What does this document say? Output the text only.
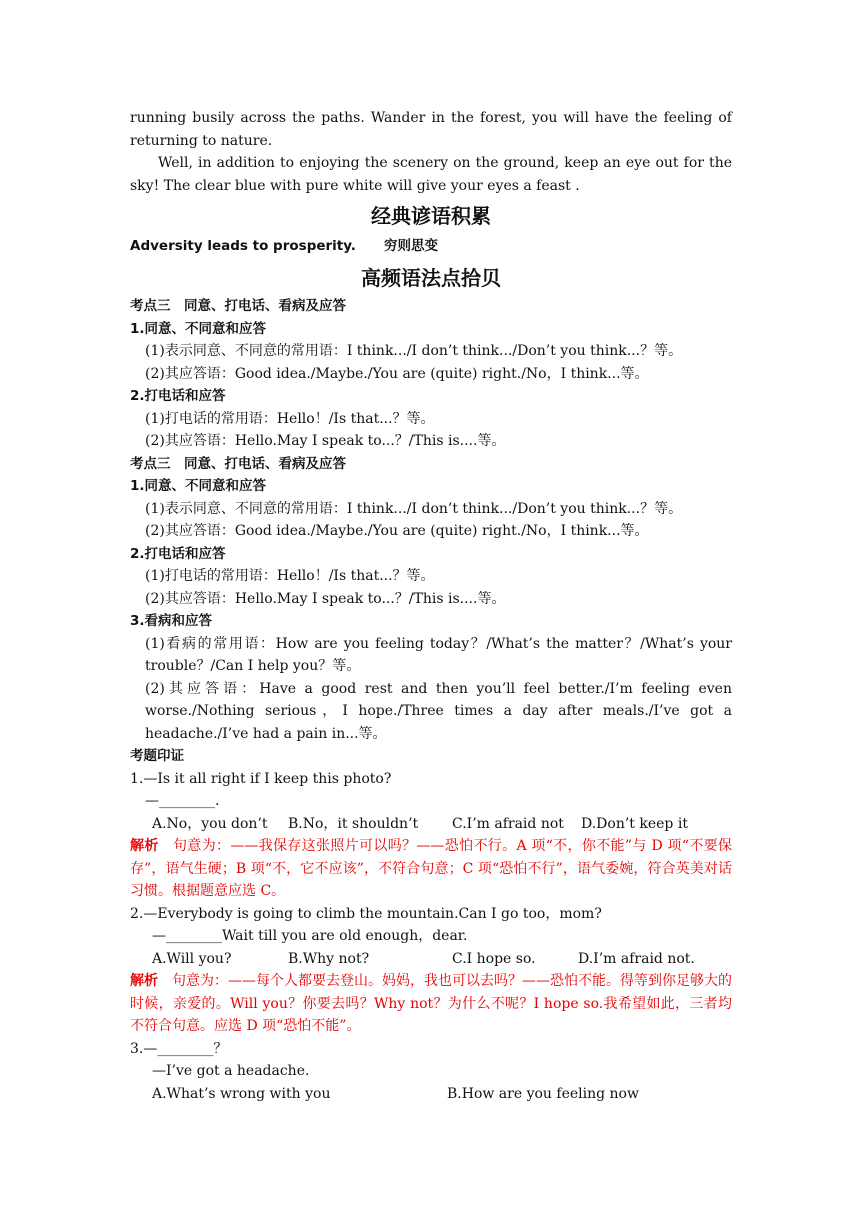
running busily across the paths. Wander in the forest, you will have the feeling of returning to nature.

Well, in addition to enjoying the scenery on the ground, keep an eye out for the sky! The clear blue with pure white will give your eyes a feast .

经典谚语积累
Adversity leads to prosperity.	穷则思变
高频语法点拾贝

考点三　同意、打电话、看病及应答

1.同意、不同意和应答

(1)表示同意、不同意的常用语：I think.../I don’t think.../Don’t you think...？等。

(2)其应答语：Good idea./Maybe./You are (quite) right./No，I think...等。

2.打电话和应答

(1)打电话的常用语：Hello！/Is that...？等。

(2)其应答语：Hello.May I speak to...？/This is....等。

考点三　同意、打电话、看病及应答

1.同意、不同意和应答

(1)表示同意、不同意的常用语：I think.../I don’t think.../Don’t you think...？等。

(2)其应答语：Good idea./Maybe./You are (quite) right./No，I think...等。

2.打电话和应答

(1)打电话的常用语：Hello！/Is that...？等。

(2)其应答语：Hello.May I speak to...？/This is....等。

3.看病和应答

(1)看病的常用语：How are you feeling today？/What’s the matter？/What’s your trouble？/Can I help you？等。

(2)其应答语：Have a good rest and then you’ll feel better./I’m feeling even worse./Nothing serious，I hope./Three times a day after meals./I’ve got a headache./I’ve had a pain in...等。

考题印证

1.—Is it all right if I keep this photo?

—________.

A.No，you don’t	B.No，it shouldn’t	C.I’m afraid not	D.Don’t keep it

解析　句意为：——我保存这张照片可以吗？——恐怕不行。A 项“不，你不能”与 D 项“不要保存”，语气生硬；B 项“不，它不应该”，不符合句意；C 项“恐怕不行”，语气委婉，符合英美对话习惯。根据题意应选 C。

2.—Everybody is going to climb the mountain.Can I go too，mom?

—________Wait till you are old enough，dear.

A.Will you?	B.Why not?	C.I hope so.	D.I’m afraid not.

解析　句意为：——每个人都要去登山。妈妈，我也可以去吗？——恐怕不能。得等到你足够大的时候，亲爱的。Will you？你要去吗？Why not？为什么不呢？I hope so.我希望如此，三者均不符合句意。应选 D 项“恐怕不能”。

3.—________？

—I’ve got a headache.

A.What’s wrong with you	B.How are you feeling now
